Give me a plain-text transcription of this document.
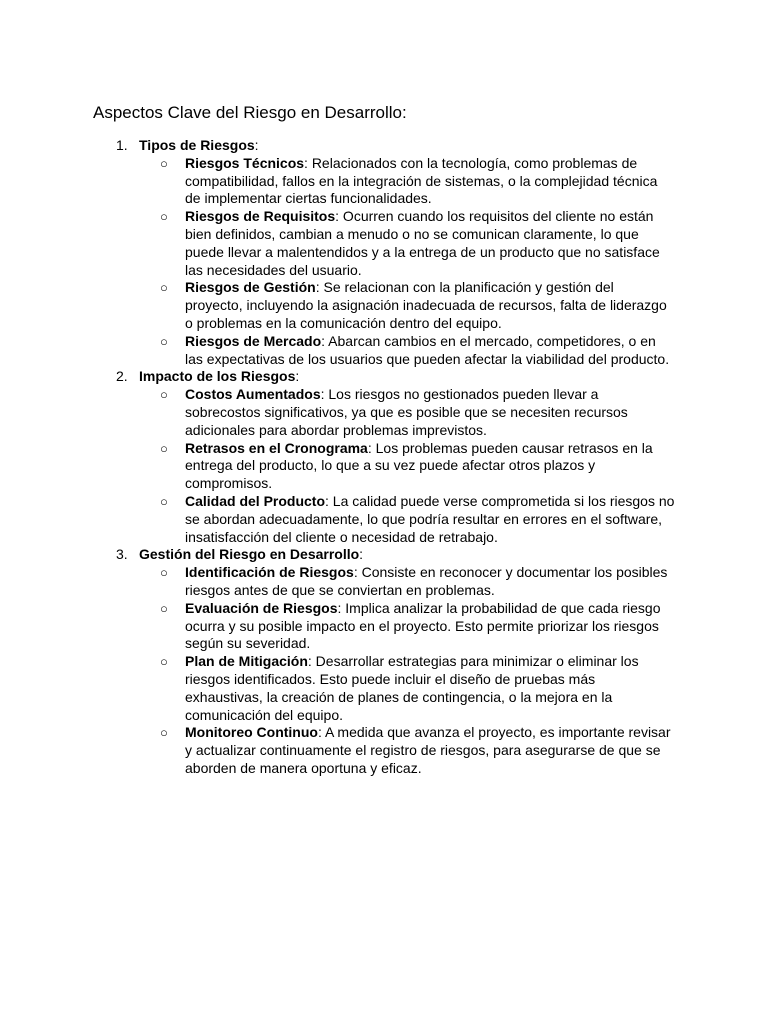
Aspectos Clave del Riesgo en Desarrollo:
1. Tipos de Riesgos:
○ Riesgos Técnicos: Relacionados con la tecnología, como problemas de compatibilidad, fallos en la integración de sistemas, o la complejidad técnica de implementar ciertas funcionalidades.
○ Riesgos de Requisitos: Ocurren cuando los requisitos del cliente no están bien definidos, cambian a menudo o no se comunican claramente, lo que puede llevar a malentendidos y a la entrega de un producto que no satisface las necesidades del usuario.
○ Riesgos de Gestión: Se relacionan con la planificación y gestión del proyecto, incluyendo la asignación inadecuada de recursos, falta de liderazgo o problemas en la comunicación dentro del equipo.
○ Riesgos de Mercado: Abarcan cambios en el mercado, competidores, o en las expectativas de los usuarios que pueden afectar la viabilidad del producto.
2. Impacto de los Riesgos:
○ Costos Aumentados: Los riesgos no gestionados pueden llevar a sobrecostos significativos, ya que es posible que se necesiten recursos adicionales para abordar problemas imprevistos.
○ Retrasos en el Cronograma: Los problemas pueden causar retrasos en la entrega del producto, lo que a su vez puede afectar otros plazos y compromisos.
○ Calidad del Producto: La calidad puede verse comprometida si los riesgos no se abordan adecuadamente, lo que podría resultar en errores en el software, insatisfacción del cliente o necesidad de retrabajo.
3. Gestión del Riesgo en Desarrollo:
○ Identificación de Riesgos: Consiste en reconocer y documentar los posibles riesgos antes de que se conviertan en problemas.
○ Evaluación de Riesgos: Implica analizar la probabilidad de que cada riesgo ocurra y su posible impacto en el proyecto. Esto permite priorizar los riesgos según su severidad.
○ Plan de Mitigación: Desarrollar estrategias para minimizar o eliminar los riesgos identificados. Esto puede incluir el diseño de pruebas más exhaustivas, la creación de planes de contingencia, o la mejora en la comunicación del equipo.
○ Monitoreo Continuo: A medida que avanza el proyecto, es importante revisar y actualizar continuamente el registro de riesgos, para asegurarse de que se aborden de manera oportuna y eficaz.
